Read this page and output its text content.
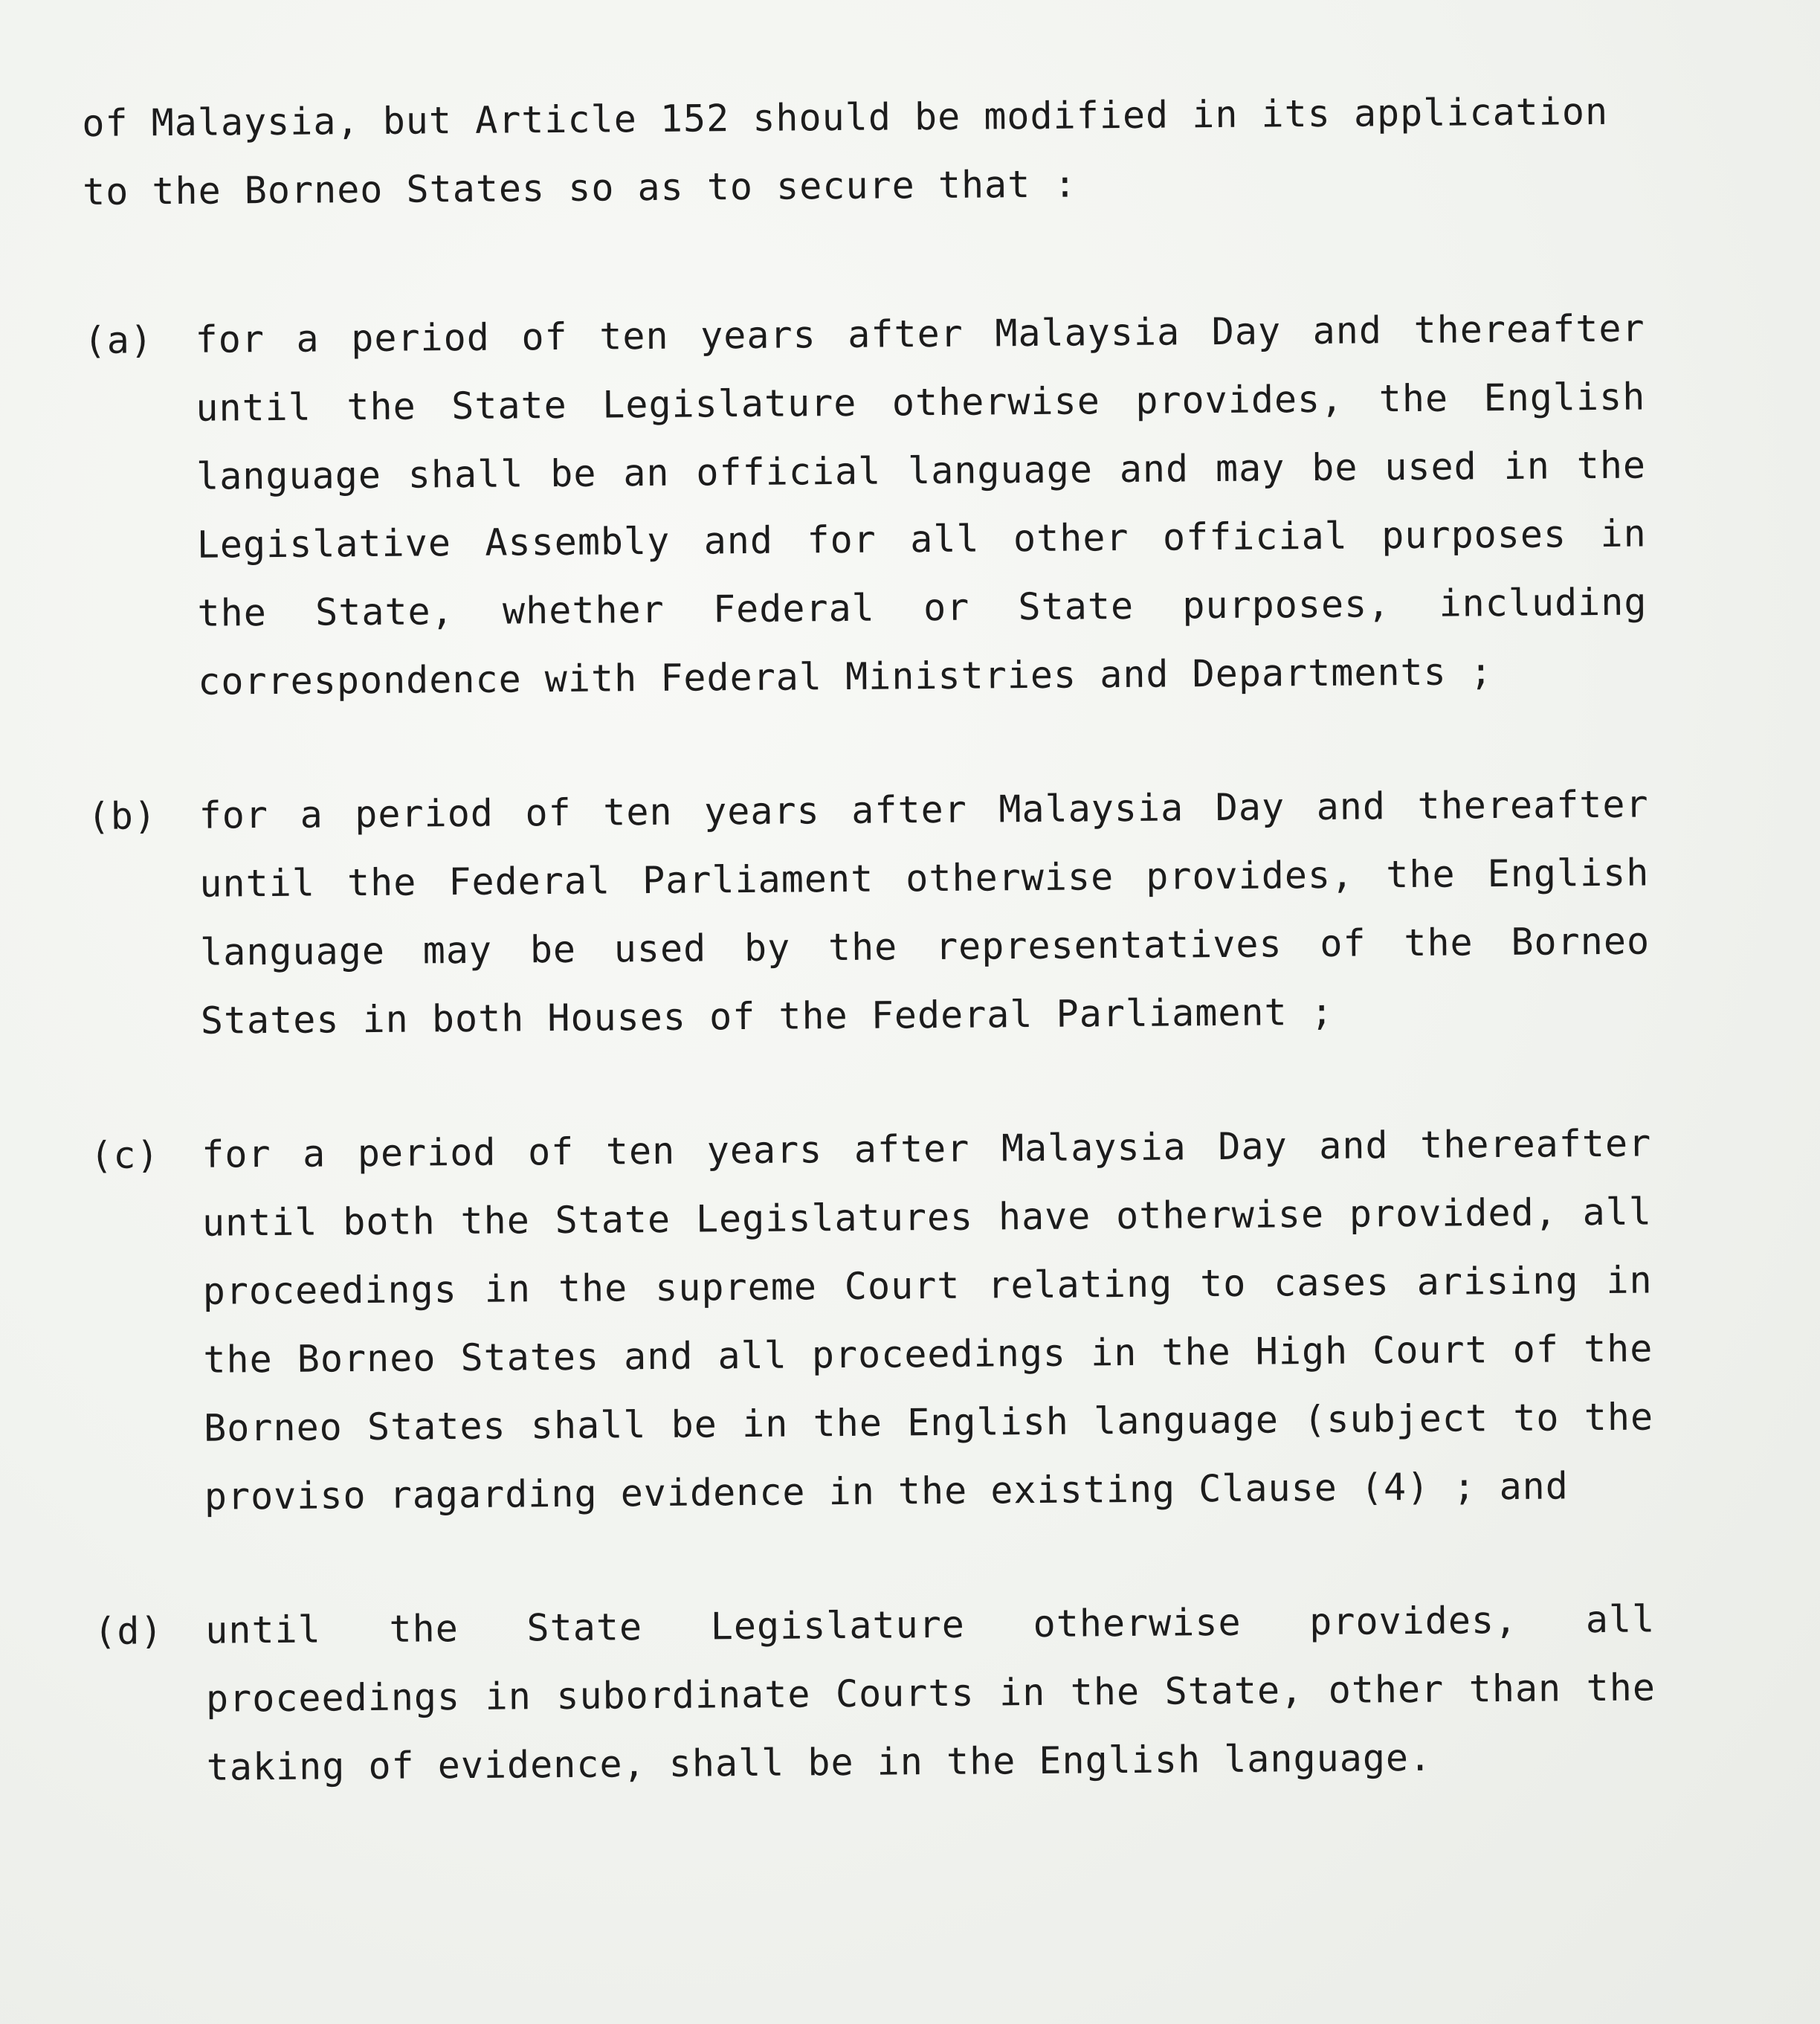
of Malaysia, but Article 152 should be modified in its application
to the Borneo States so as to secure that :

(a)	for a period of ten years after Malaysia Day and thereafter until the State Legislature otherwise provides, the English language shall be an official language and may be used in the Legislative Assembly and for all other official purposes in the State, whether Federal or State purposes, including correspondence with Federal Ministries and Departments ;
(b)	for a period of ten years after Malaysia Day and thereafter until the Federal Parliament otherwise provides, the English language may be used by the representatives of the Borneo States in both Houses of the Federal Parliament ;
(c)	for a period of ten years after Malaysia Day and thereafter until both the State Legislatures have otherwise provided, all proceedings in the supreme Court relating to cases arising in the Borneo States and all proceedings in the High Court of the Borneo States shall be in the English language (subject to the proviso ragarding evidence in the existing Clause (4) ; and
(d)	until the State Legislature otherwise provides, all proceedings in subordinate Courts in the State, other than the taking of evidence, shall be in the English language.
